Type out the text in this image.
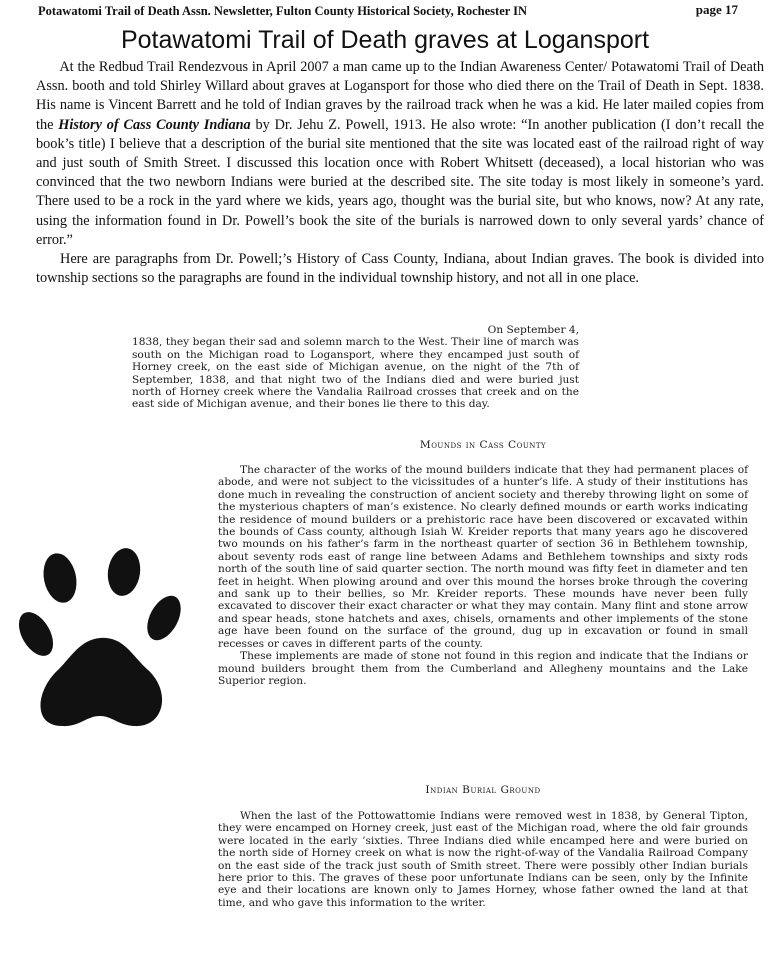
Potawatomi Trail of Death Assn. Newsletter, Fulton County Historical Society, Rochester IN	page 17
Potawatomi Trail of Death graves at Logansport

At the Redbud Trail Rendezvous in April 2007 a man came up to the Indian Awareness Center/ Potawatomi Trail of Death Assn. booth and told Shirley Willard about graves at Logansport for those who died there on the Trail of Death in Sept. 1838. His name is Vincent Barrett and he told of Indian graves by the railroad track when he was a kid. He later mailed copies from the History of Cass County Indiana by Dr. Jehu Z. Powell, 1913. He also wrote: “In another publication (I don’t recall the book’s title) I believe that a description of the burial site mentioned that the site was located east of the railroad right of way and just south of Smith Street. I discussed this location once with Robert Whitsett (deceased), a local historian who was convinced that the two newborn Indians were buried at the described site. The site today is most likely in someone’s yard. There used to be a rock in the yard where we kids, years ago, thought was the burial site, but who knows, now? At any rate, using the information found in Dr. Powell’s book the site of the burials is narrowed down to only several yards’ chance of error.”

Here are paragraphs from Dr. Powell;’s History of Cass County, Indiana, about Indian graves. The book is divided into township sections so the paragraphs are found in the individual township history, and not all in one place.

On September 4,

1838, they began their sad and solemn march to the West. Their line of march was south on the Michigan road to Logansport, where they encamped just south of Horney creek, on the east side of Michigan avenue, on the night of the 7th of September, 1838, and that night two of the Indians died and were buried just north of Horney creek where the Vandalia Railroad crosses that creek and on the east side of Michigan avenue, and their bones lie there to this day.

Mounds in Cass County

The character of the works of the mound builders indicate that they had permanent places of abode, and were not subject to the vicissitudes of a hunter’s life. A study of their institutions has done much in revealing the construction of ancient society and thereby throwing light on some of the mysterious chapters of man’s existence. No clearly defined mounds or earth works indicating the residence of mound builders or a prehistoric race have been discovered or excavated within the bounds of Cass county, although Isiah W. Kreider reports that many years ago he discovered two mounds on his father’s farm in the northeast quarter of section 36 in Bethlehem township, about seventy rods east of range line between Adams and Bethlehem townships and sixty rods north of the south line of said quarter section. The north mound was fifty feet in diameter and ten feet in height. When plowing around and over this mound the horses broke through the covering and sank up to their bellies, so Mr. Kreider reports. These mounds have never been fully excavated to discover their exact character or what they may contain. Many flint and stone arrow and spear heads, stone hatchets and axes, chisels, ornaments and other implements of the stone age have been found on the surface of the ground, dug up in excavation or found in small recesses or caves in different parts of the county.

These implements are made of stone not found in this region and indicate that the Indians or mound builders brought them from the Cumberland and Allegheny mountains and the Lake Superior region.

Indian Burial Ground

When the last of the Pottowattomie Indians were removed west in 1838, by General Tipton, they were encamped on Horney creek, just east of the Michigan road, where the old fair grounds were located in the early ’sixties. Three Indians died while encamped here and were buried on the north side of Horney creek on what is now the right-of-way of the Vandalia Railroad Company on the east side of the track just south of Smith street. There were possibly other Indian burials here prior to this. The graves of these poor unfortunate Indians can be seen, only by the Infinite eye and their locations are known only to James Horney, whose father owned the land at that time, and who gave this information to the writer.
